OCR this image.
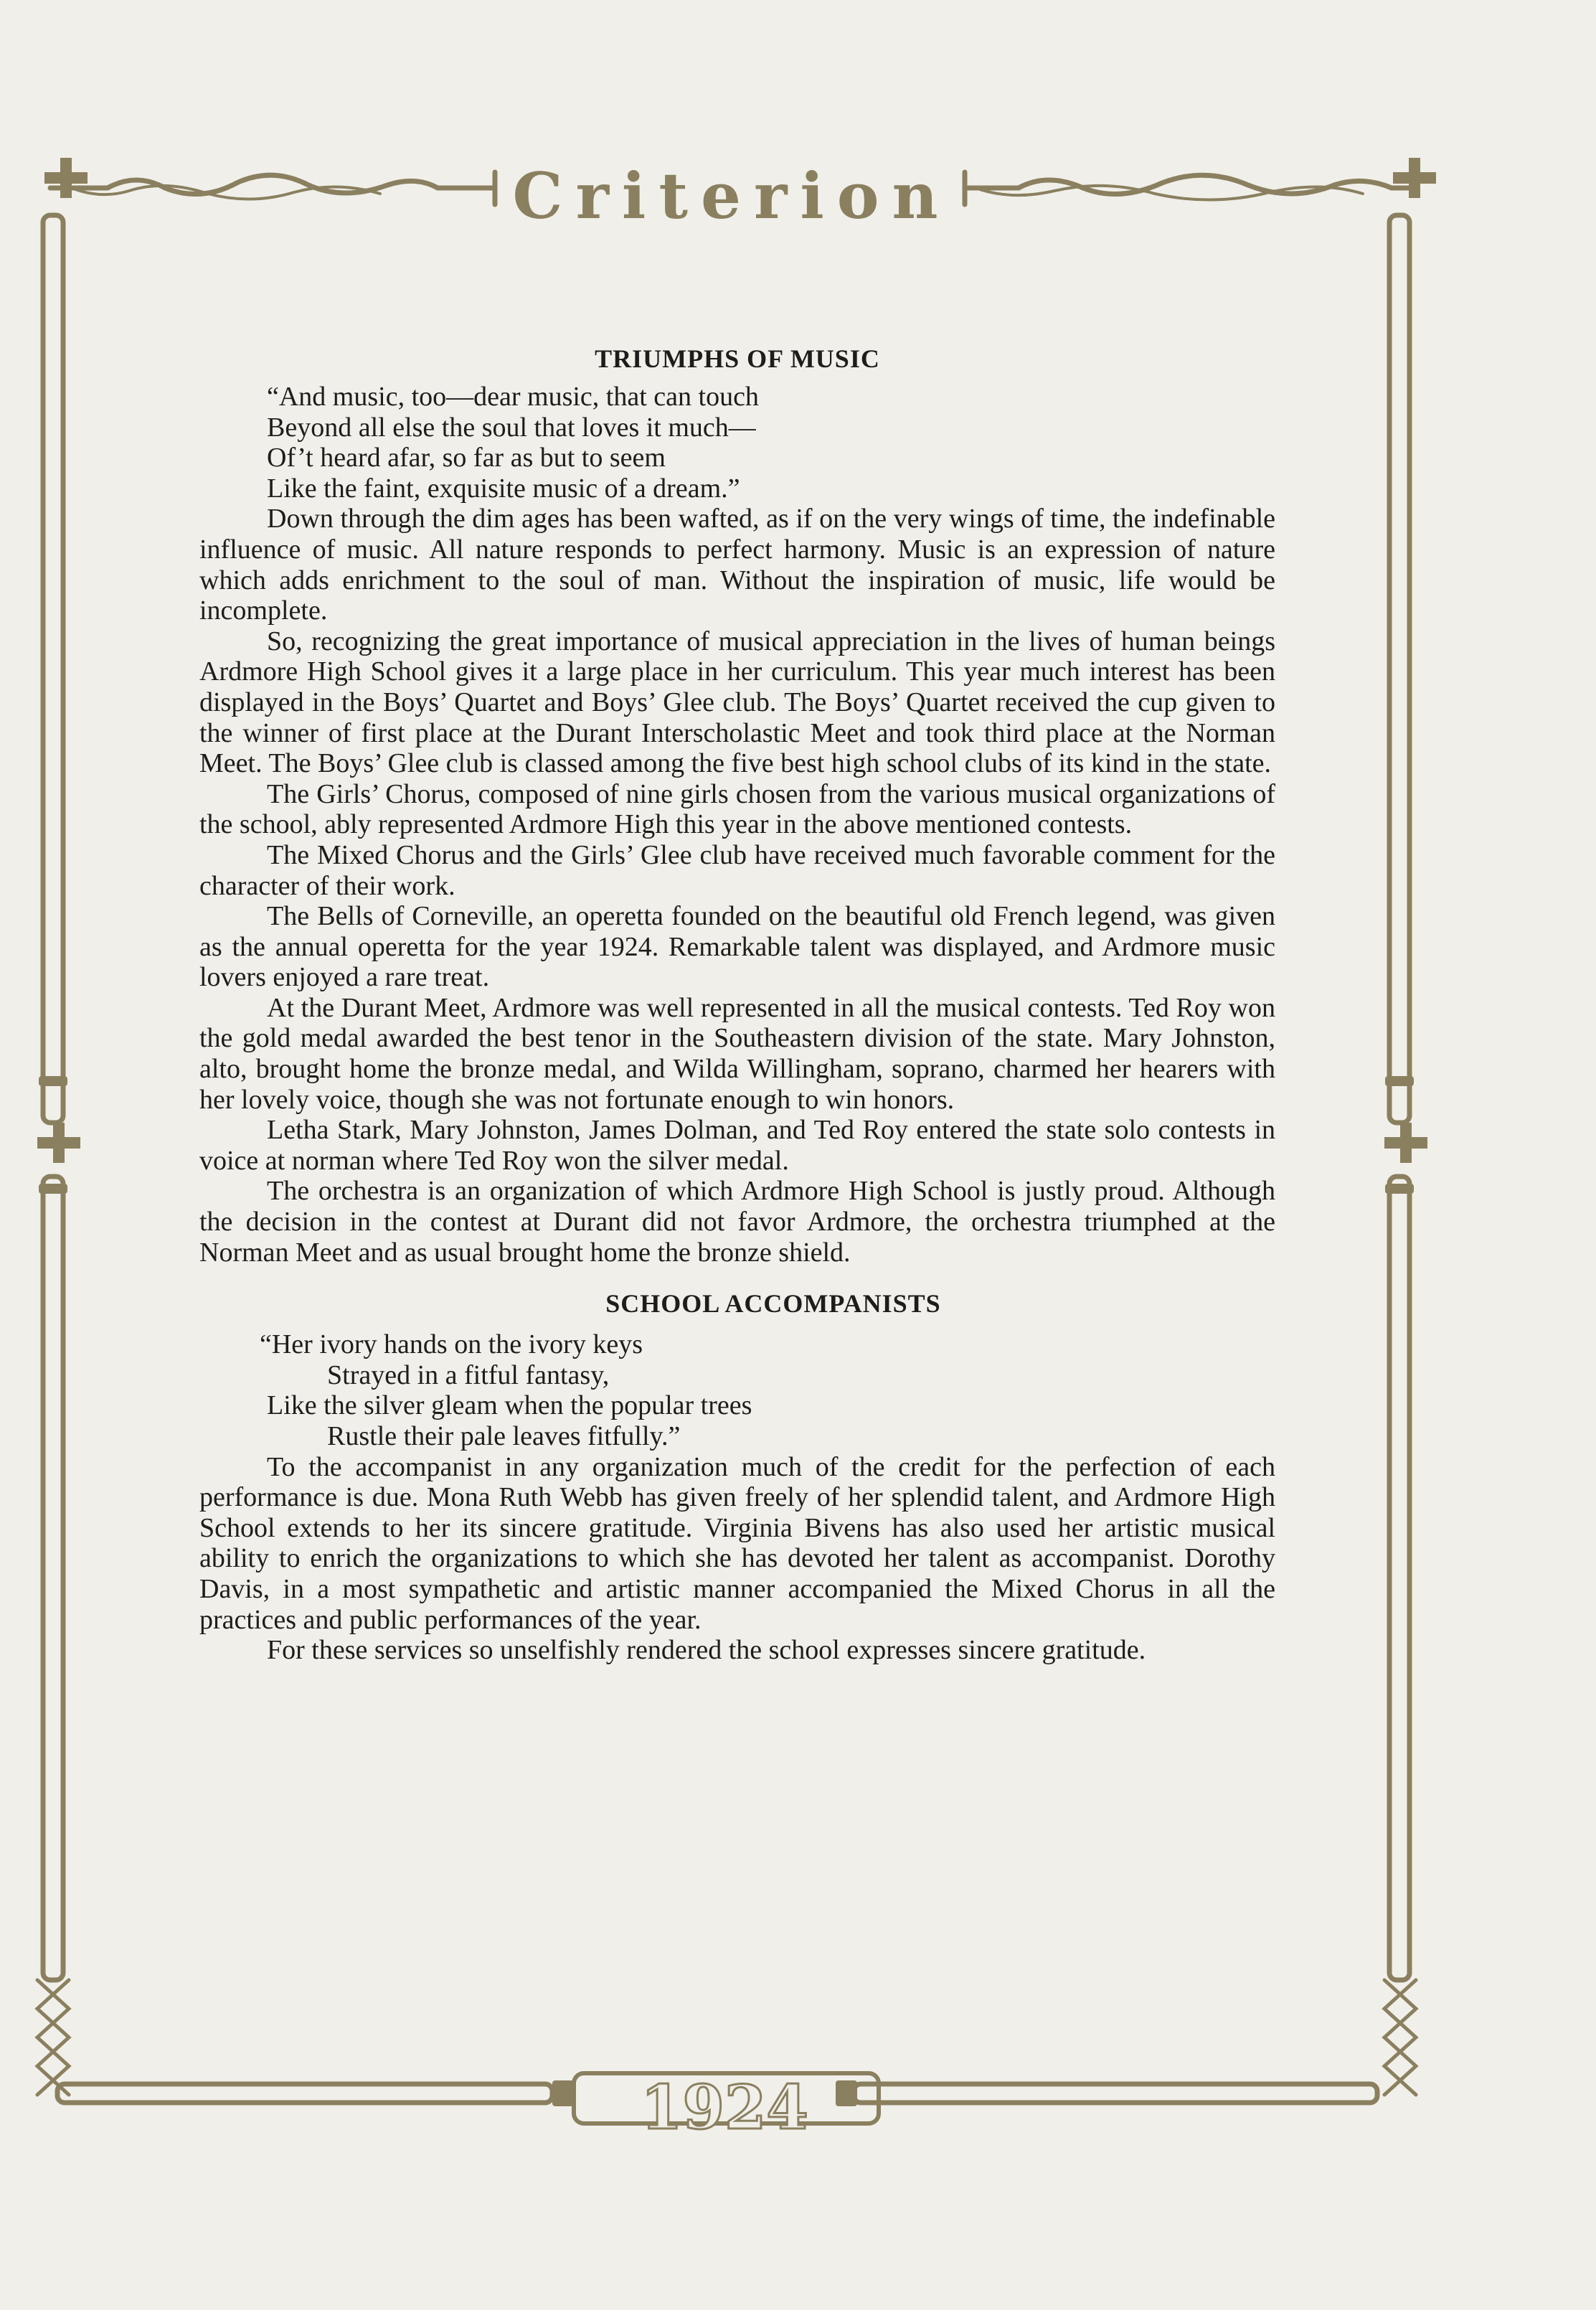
Criterion
1924
TRIUMPHS OF MUSIC
“And music, too—dear music, that can touch
Beyond all else the soul that loves it much—
Of’t heard afar, so far as but to seem
Like the faint, exquisite music of a dream.”

Down through the dim ages has been wafted, as if on the very wings of time, the indefinable influence of music. All nature responds to perfect harmony. Music is an expression of nature which adds enrichment to the soul of man. Without the inspiration of music, life would be incomplete.

So, recognizing the great importance of musical appreciation in the lives of human beings Ardmore High School gives it a large place in her curriculum. This year much interest has been displayed in the Boys’ Quartet and Boys’ Glee club. The Boys’ Quartet received the cup given to the winner of first place at the Durant Interscholastic Meet and took third place at the Norman Meet. The Boys’ Glee club is classed among the five best high school clubs of its kind in the state.

The Girls’ Chorus, composed of nine girls chosen from the various musical organizations of the school, ably represented Ardmore High this year in the above mentioned contests.

The Mixed Chorus and the Girls’ Glee club have received much favorable comment for the character of their work.

The Bells of Corneville, an operetta founded on the beautiful old French legend, was given as the annual operetta for the year 1924. Remarkable talent was displayed, and Ardmore music lovers enjoyed a rare treat.

At the Durant Meet, Ardmore was well represented in all the musical contests. Ted Roy won the gold medal awarded the best tenor in the Southeastern division of the state. Mary Johnston, alto, brought home the bronze medal, and Wilda Willingham, soprano, charmed her hearers with her lovely voice, though she was not fortunate enough to win honors.

Letha Stark, Mary Johnston, James Dolman, and Ted Roy entered the state solo contests in voice at norman where Ted Roy won the silver medal.

The orchestra is an organization of which Ardmore High School is justly proud. Although the decision in the contest at Durant did not favor Ardmore, the orchestra triumphed at the Norman Meet and as usual brought home the bronze shield.

SCHOOL ACCOMPANISTS
“Her ivory hands on the ivory keys
Strayed in a fitful fantasy,
Like the silver gleam when the popular trees
Rustle their pale leaves fitfully.”

To the accompanist in any organization much of the credit for the perfection of each performance is due. Mona Ruth Webb has given freely of her splendid talent, and Ardmore High School extends to her its sincere gratitude. Virginia Bivens has also used her artistic musical ability to enrich the organizations to which she has devoted her talent as accompanist. Dorothy Davis, in a most sympathetic and artistic manner accompanied the Mixed Chorus in all the practices and public performances of the year.

For these services so unselfishly rendered the school expresses sincere gratitude.
